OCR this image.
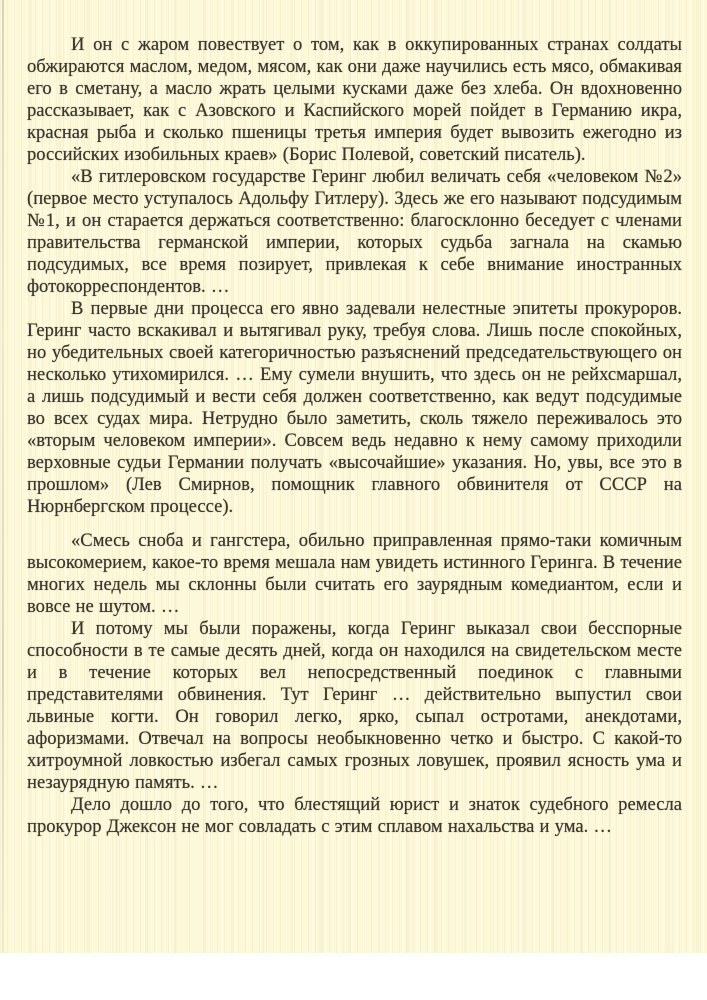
И он с жаром повествует о том, как в оккупированных странах солдаты обжираются маслом, медом, мясом, как они даже научились есть мясо, обмакивая его в сметану, а масло жрать целыми кусками даже без хлеба. Он вдохновенно рассказывает, как с Азовского и Каспийского морей пойдет в Германию икра, красная рыба и сколько пшеницы третья империя будет вывозить ежегодно из российских изобильных краев» (Борис Полевой, советский писатель).

«В гитлеровском государстве Геринг любил величать себя «человеком №2» (первое место уступалось Адольфу Гитлеру). Здесь же его называют подсудимым №1, и он старается держаться соответственно: благосклонно беседует с членами правительства германской империи, которых судьба загнала на скамью подсудимых, все время позирует, привлекая к себе внимание иностранных фотокорреспондентов. …

В первые дни процесса его явно задевали нелестные эпитеты прокуроров. Геринг часто вскакивал и вытягивал руку, требуя слова. Лишь после спокойных, но убедительных своей категоричностью разъяснений председательствующего он несколько утихомирился. … Ему сумели внушить, что здесь он не рейхсмаршал, а лишь подсудимый и вести себя должен соответственно, как ведут подсудимые во всех судах мира. Нетрудно было заметить, сколь тяжело переживалось это «вторым человеком империи». Совсем ведь недавно к нему самому приходили верховные судьи Германии получать «высочайшие» указания. Но, увы, все это в прошлом» (Лев Смирнов, помощник главного обвинителя от СССР на Нюрнбергском процессе).

«Смесь сноба и гангстера, обильно приправленная прямо-таки комичным высокомерием, какое-то время мешала нам увидеть истинного Геринга. В течение многих недель мы склонны были считать его заурядным комедиантом, если и вовсе не шутом. …

И потому мы были поражены, когда Геринг выказал свои бесспорные способности в те самые десять дней, когда он находился на свидетельском месте и в течение которых вел непосредственный поединок с главными представителями обвинения. Тут Геринг … действительно выпустил свои львиные когти. Он говорил легко, ярко, сыпал остротами, анекдотами, афоризмами. Отвечал на вопросы необыкновенно четко и быстро. С какой-то хитроумной ловкостью избегал самых грозных ловушек, проявил ясность ума и незаурядную память. …

Дело дошло до того, что блестящий юрист и знаток судебного ремесла прокурор Джексон не мог совладать с этим сплавом нахальства и ума. …
